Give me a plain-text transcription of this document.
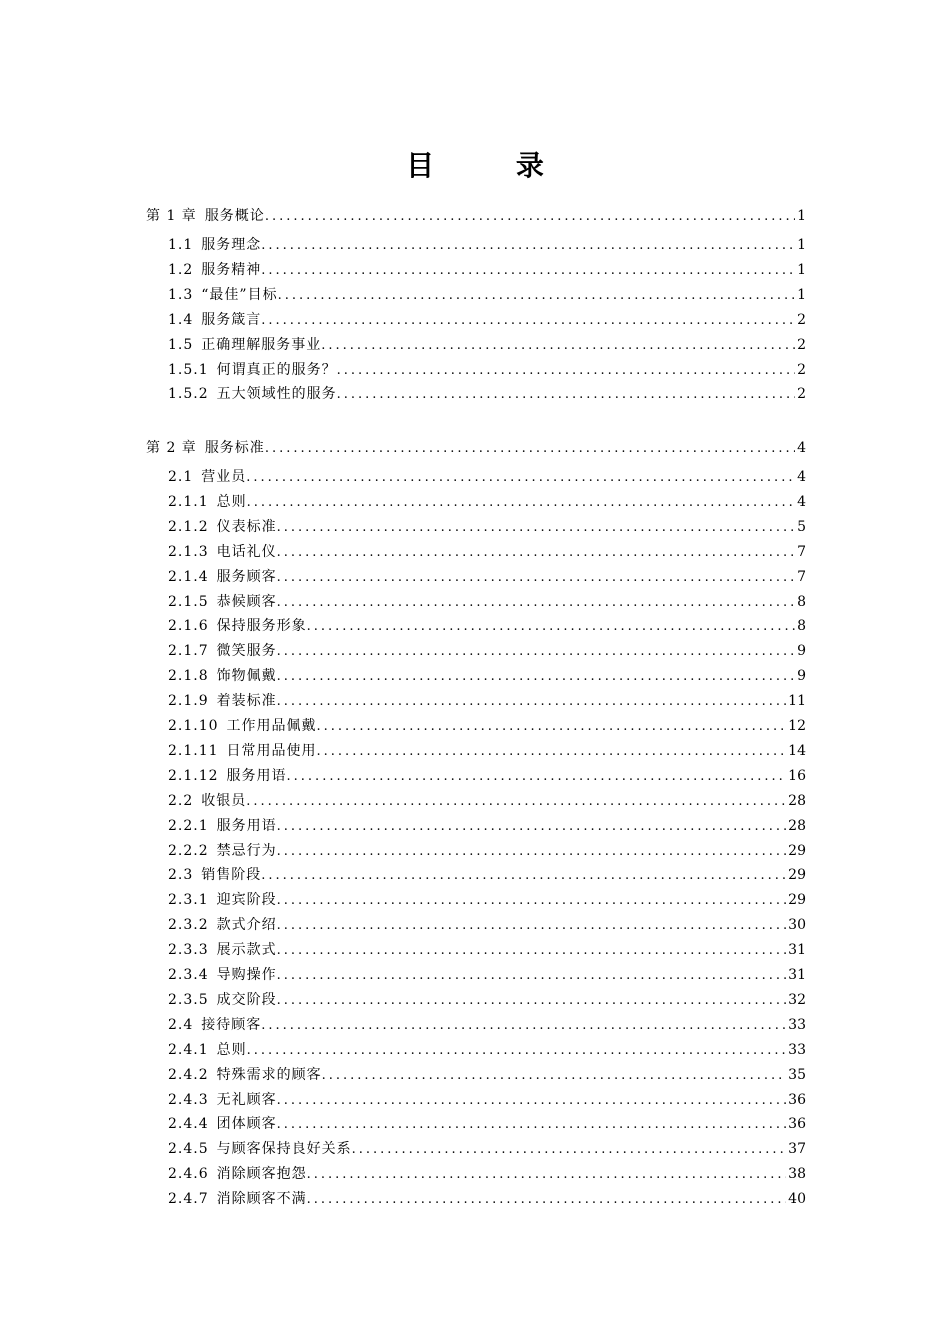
目 录
第 1 章 服务概论 .....	1
1.1 服务理念 .....	1
1.2 服务精神 .....	1
1.3 “最佳”目标 .....	1
1.4 服务箴言 .....	2
1.5 正确理解服务事业 .....	2
1.5.1 何谓真正的服务？ .....	2
1.5.2 五大领域性的服务 .....	2
第 2 章 服务标准 .....	4
2.1 营业员 .....	4
2.1.1 总则 .....	4
2.1.2 仪表标准 .....	5
2.1.3 电话礼仪 .....	7
2.1.4 服务顾客 .....	7
2.1.5 恭候顾客 .....	8
2.1.6 保持服务形象 .....	8
2.1.7 微笑服务 .....	9
2.1.8 饰物佩戴 .....	9
2.1.9 着装标准 .....	11
2.1.10 工作用品佩戴 .....	12
2.1.11 日常用品使用 .....	14
2.1.12 服务用语 .....	16
2.2 收银员 .....	28
2.2.1 服务用语 .....	28
2.2.2 禁忌行为 .....	29
2.3 销售阶段 .....	29
2.3.1 迎宾阶段 .....	29
2.3.2 款式介绍 .....	30
2.3.3 展示款式 .....	31
2.3.4 导购操作 .....	31
2.3.5 成交阶段 .....	32
2.4 接待顾客 .....	33
2.4.1 总则 .....	33
2.4.2 特殊需求的顾客 .....	35
2.4.3 无礼顾客 .....	36
2.4.4 团体顾客 .....	36
2.4.5 与顾客保持良好关系 .....	37
2.4.6 消除顾客抱怨 .....	38
2.4.7 消除顾客不满 .....	40
